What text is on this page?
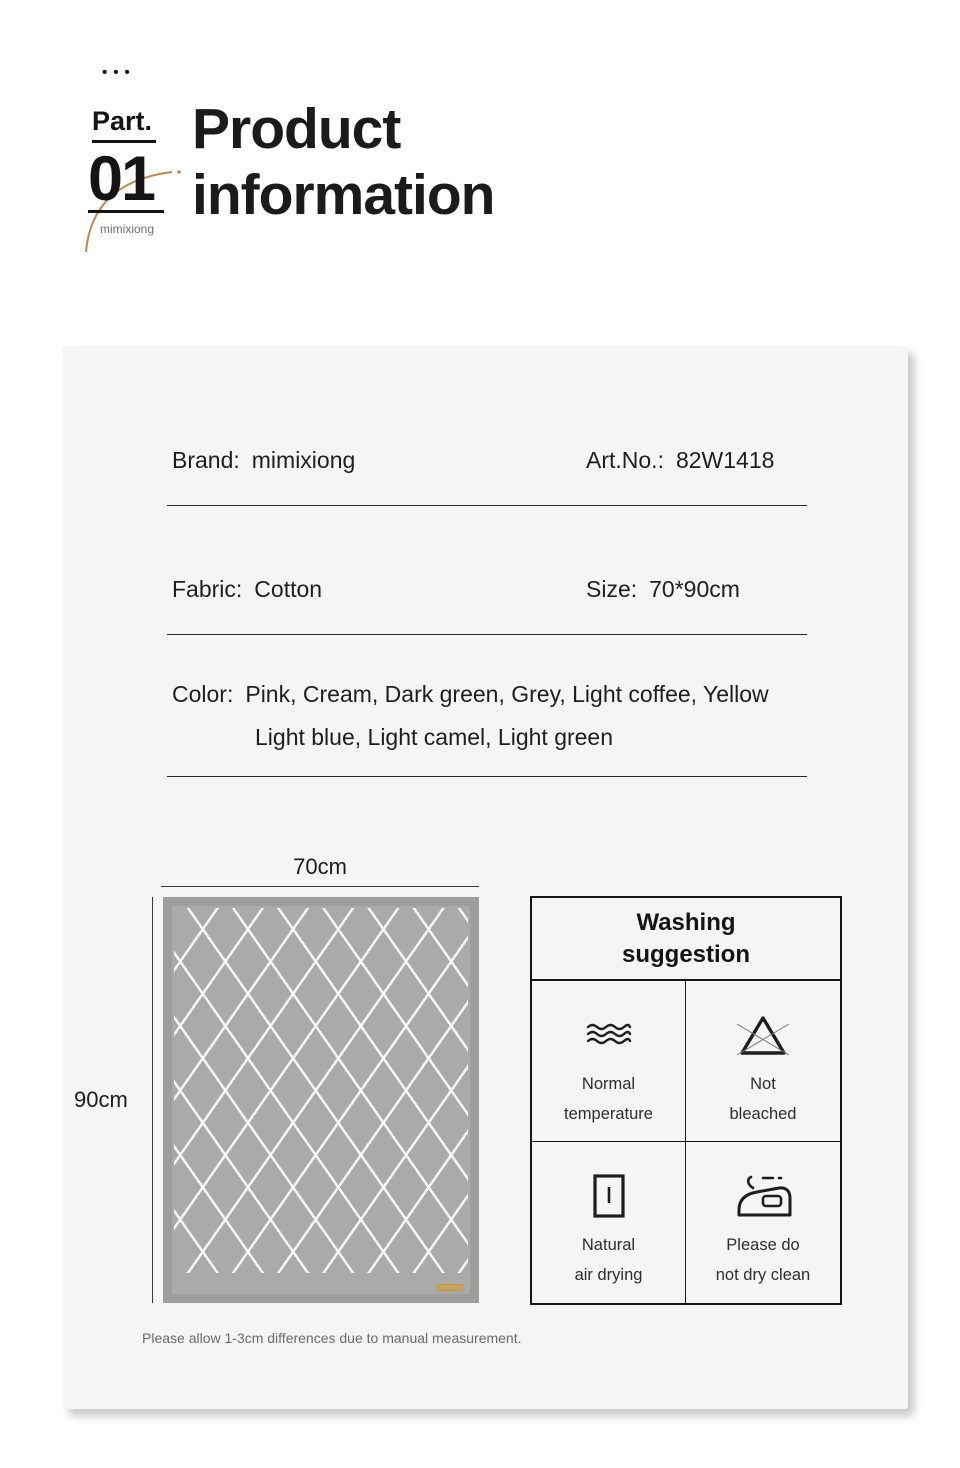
•••
Part.
01
mimixiong
Product
information
Brand: mimixiong	Art.No.: 82W1418
Fabric: Cotton	Size: 70*90cm
Color: Pink, Cream, Dark green, Grey, Light coffee, Yellow
Light blue, Light camel, Light green
70cm
90cm
Washing
suggestion
Normal
temperature
Not
bleached
Natural
air drying
Please do
not dry clean
Please allow 1-3cm differences due to manual measurement.
